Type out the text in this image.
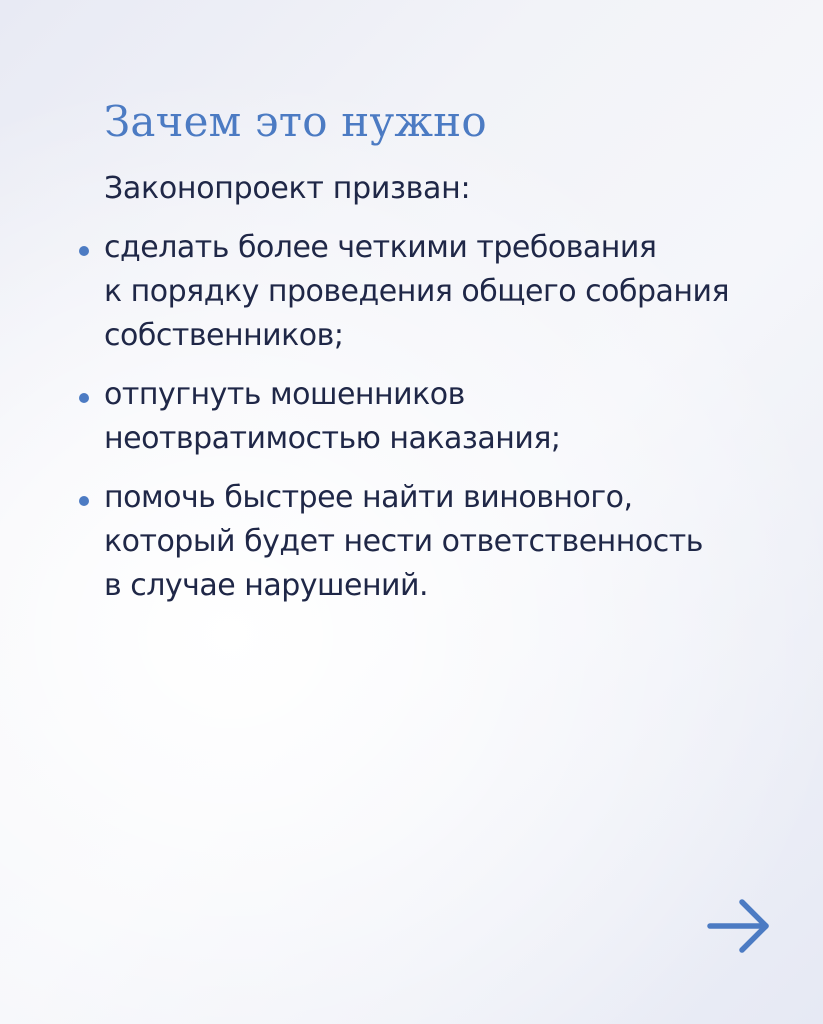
Зачем это нужно
Законопроект призван:
сделать более четкими требования
к порядку проведения общего собрания
собственников;
отпугнуть мошенников
неотвратимостью наказания;
помочь быстрее найти виновного,
который будет нести ответственность
в случае нарушений.
